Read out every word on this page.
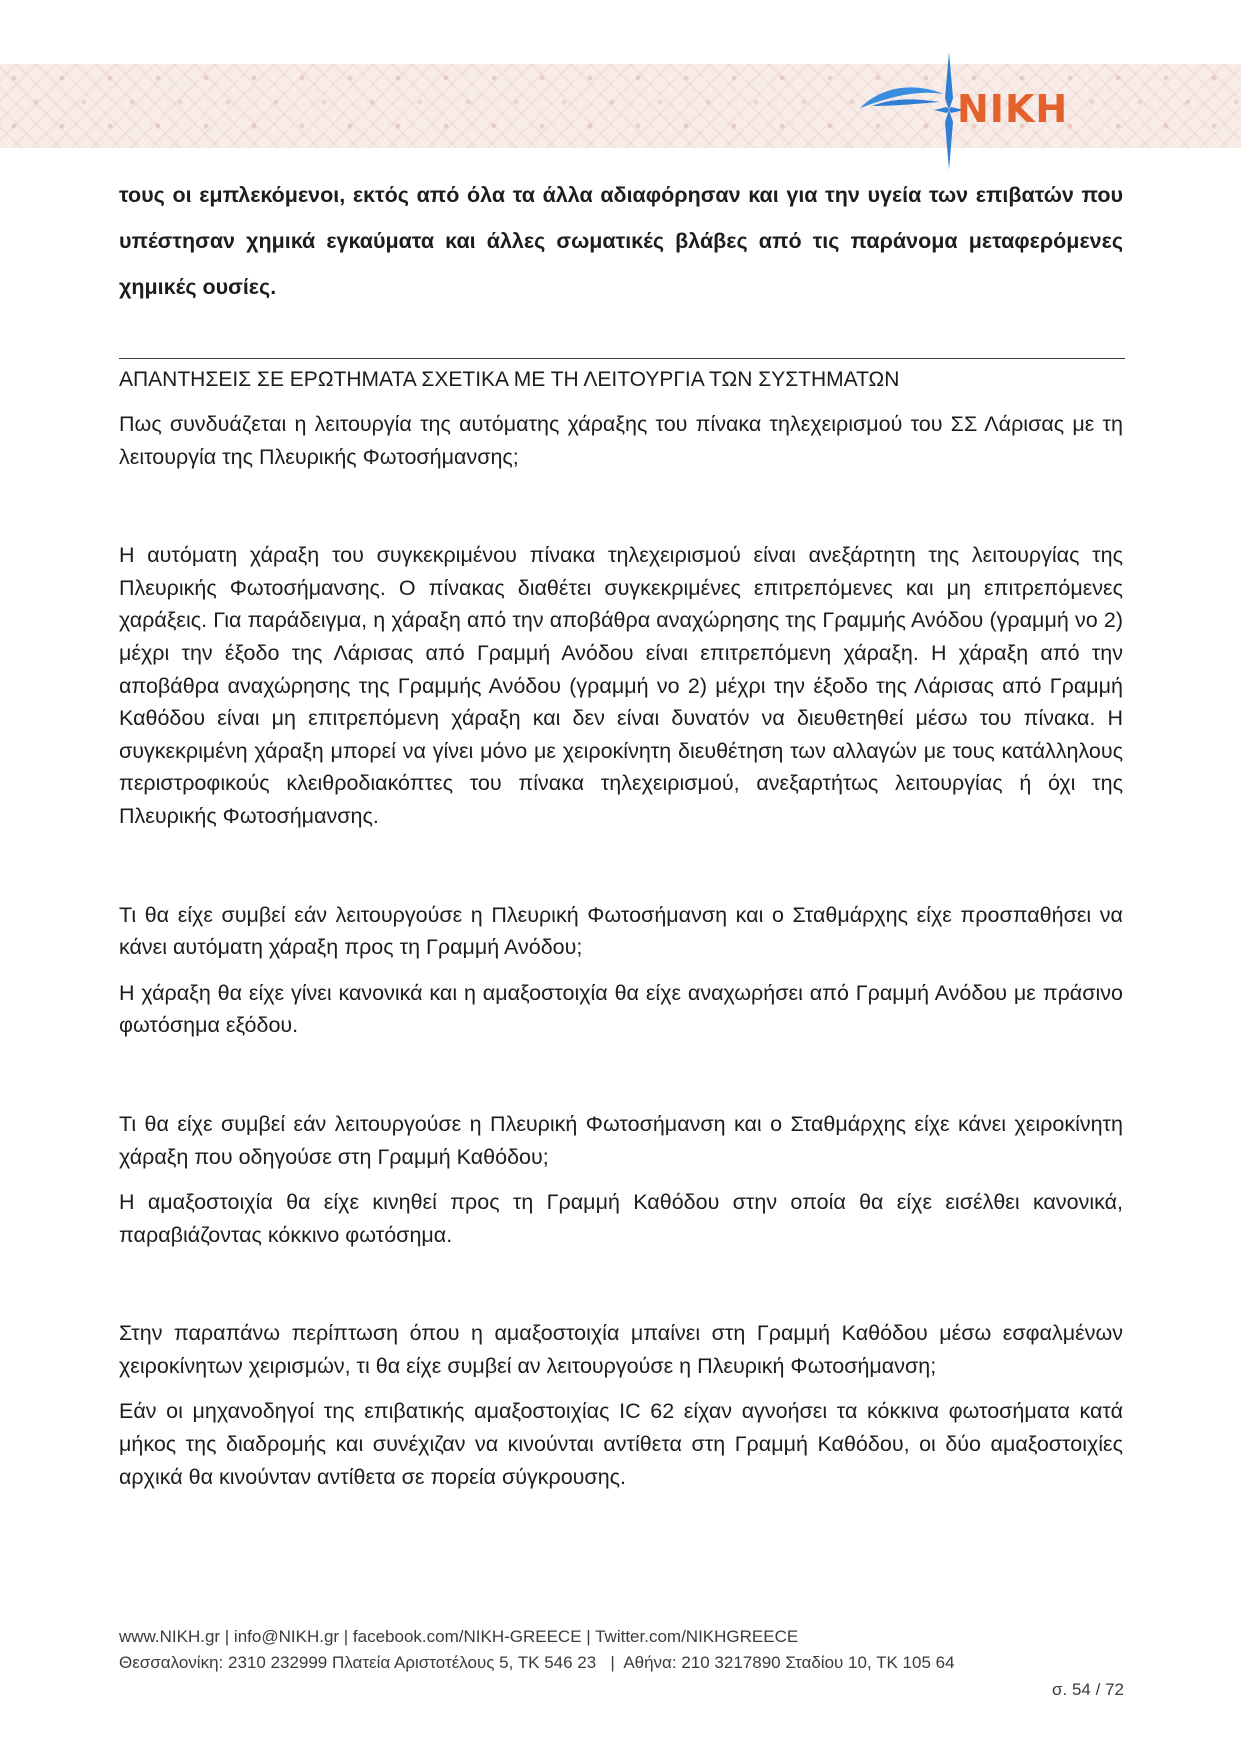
NIKH

τους οι εμπλεκόμενοι, εκτός από όλα τα άλλα αδιαφόρησαν και για την υγεία των επιβατών που υπέστησαν χημικά εγκαύματα και άλλες σωματικές βλάβες από τις παράνομα μεταφερόμενες χημικές ουσίες.

ΑΠΑΝΤΗΣΕΙΣ ΣΕ ΕΡΩΤΗΜΑΤΑ ΣΧΕΤΙΚΑ ΜΕ ΤΗ ΛΕΙΤΟΥΡΓΙΑ ΤΩΝ ΣΥΣΤΗΜΑΤΩΝ

Πως συνδυάζεται η λειτουργία της αυτόματης χάραξης του πίνακα τηλεχειρισμού του ΣΣ Λάρισας με τη λειτουργία της Πλευρικής Φωτοσήμανσης;

Η αυτόματη χάραξη του συγκεκριμένου πίνακα τηλεχειρισμού είναι ανεξάρτητη της λειτουργίας της Πλευρικής Φωτοσήμανσης. Ο πίνακας διαθέτει συγκεκριμένες επιτρεπόμενες και μη επιτρεπόμενες χαράξεις. Για παράδειγμα, η χάραξη από την αποβάθρα αναχώρησης της Γραμμής Ανόδου (γραμμή νο 2) μέχρι την έξοδο της Λάρισας από Γραμμή Ανόδου είναι επιτρεπόμενη χάραξη. Η χάραξη από την αποβάθρα αναχώρησης της Γραμμής Ανόδου (γραμμή νο 2) μέχρι την έξοδο της Λάρισας από Γραμμή Καθόδου είναι μη επιτρεπόμενη χάραξη και δεν είναι δυνατόν να διευθετηθεί μέσω του πίνακα. Η συγκεκριμένη χάραξη μπορεί να γίνει μόνο με χειροκίνητη διευθέτηση των αλλαγών με τους κατάλληλους περιστροφικούς κλειθροδιακόπτες του πίνακα τηλεχειρισμού, ανεξαρτήτως λειτουργίας ή όχι της Πλευρικής Φωτοσήμανσης.

Τι θα είχε συμβεί εάν λειτουργούσε η Πλευρική Φωτοσήμανση και ο Σταθμάρχης είχε προσπαθήσει να κάνει αυτόματη χάραξη προς τη Γραμμή Ανόδου;

Η χάραξη θα είχε γίνει κανονικά και η αμαξοστοιχία θα είχε αναχωρήσει από Γραμμή Ανόδου με πράσινο φωτόσημα εξόδου.

Τι θα είχε συμβεί εάν λειτουργούσε η Πλευρική Φωτοσήμανση και ο Σταθμάρχης είχε κάνει χειροκίνητη χάραξη που οδηγούσε στη Γραμμή Καθόδου;

Η αμαξοστοιχία θα είχε κινηθεί προς τη Γραμμή Καθόδου στην οποία θα είχε εισέλθει κανονικά, παραβιάζοντας κόκκινο φωτόσημα.

Στην παραπάνω περίπτωση όπου η αμαξοστοιχία μπαίνει στη Γραμμή Καθόδου μέσω εσφαλμένων χειροκίνητων χειρισμών, τι θα είχε συμβεί αν λειτουργούσε η Πλευρική Φωτοσήμανση;

Εάν οι μηχανοδηγοί της επιβατικής αμαξοστοιχίας IC 62 είχαν αγνοήσει τα κόκκινα φωτοσήματα κατά μήκος της διαδρομής και συνέχιζαν να κινούνται αντίθετα στη Γραμμή Καθόδου, οι δύο αμαξοστοιχίες αρχικά θα κινούνταν αντίθετα σε πορεία σύγκρουσης.

www.NIKH.gr | info@NIKH.gr | facebook.com/NIKH-GREECE | Twitter.com/NIKHGREECE
Θεσσαλονίκη: 2310 232999 Πλατεία Αριστοτέλους 5, ΤΚ 546 23   |  Αθήνα: 210 3217890 Σταδίου 10, ΤΚ 105 64
σ. 54 / 72
